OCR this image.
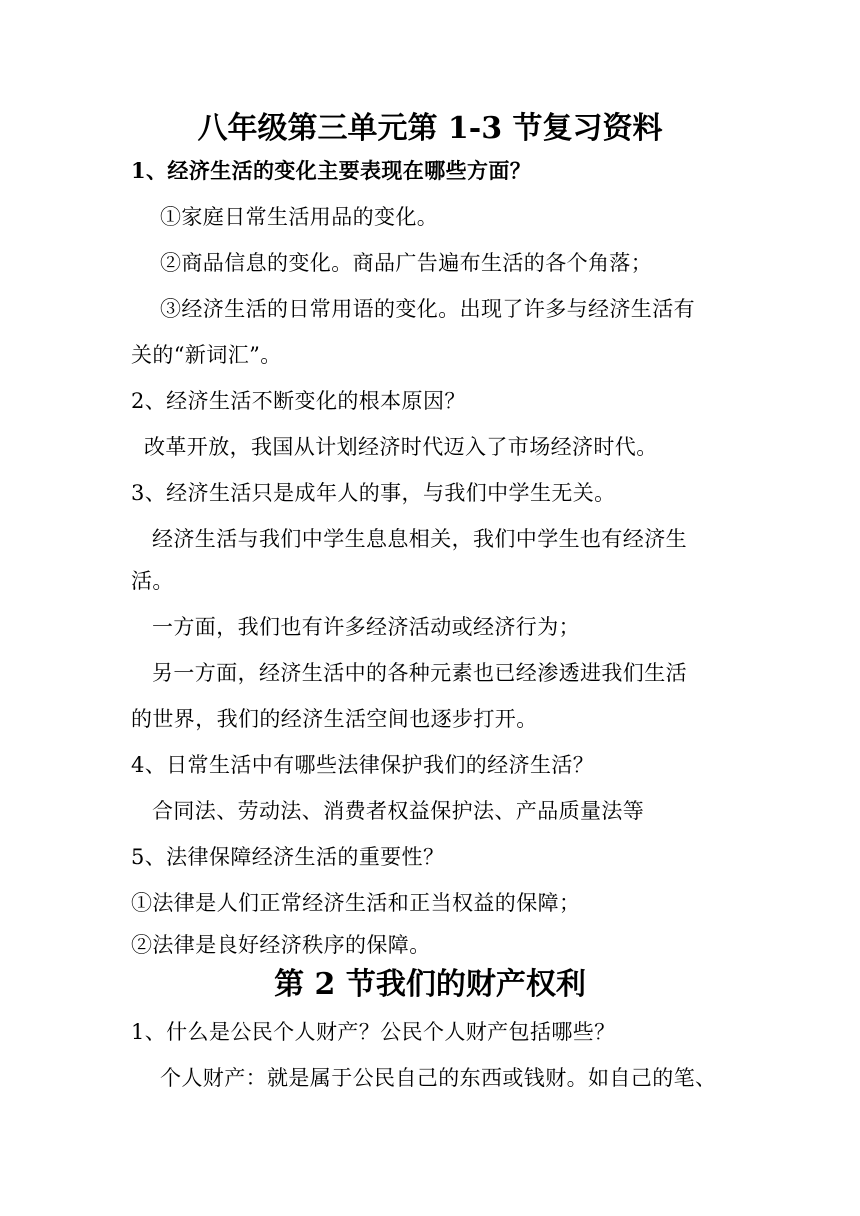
八年级第三单元第 1-3 节复习资料
1、经济生活的变化主要表现在哪些方面？
①家庭日常生活用品的变化。
②商品信息的变化。商品广告遍布生活的各个角落；
③经济生活的日常用语的变化。出现了许多与经济生活有
关的“新词汇”。
2、经济生活不断变化的根本原因？
改革开放，我国从计划经济时代迈入了市场经济时代。
3、经济生活只是成年人的事，与我们中学生无关。
经济生活与我们中学生息息相关，我们中学生也有经济生
活。
一方面，我们也有许多经济活动或经济行为；
另一方面，经济生活中的各种元素也已经渗透进我们生活
的世界，我们的经济生活空间也逐步打开。
4、日常生活中有哪些法律保护我们的经济生活？
合同法、劳动法、消费者权益保护法、产品质量法等
5、法律保障经济生活的重要性？
①法律是人们正常经济生活和正当权益的保障；
②法律是良好经济秩序的保障。
第 2 节我们的财产权利
1、什么是公民个人财产？公民个人财产包括哪些？
个人财产：就是属于公民自己的东西或钱财。如自己的笔、
